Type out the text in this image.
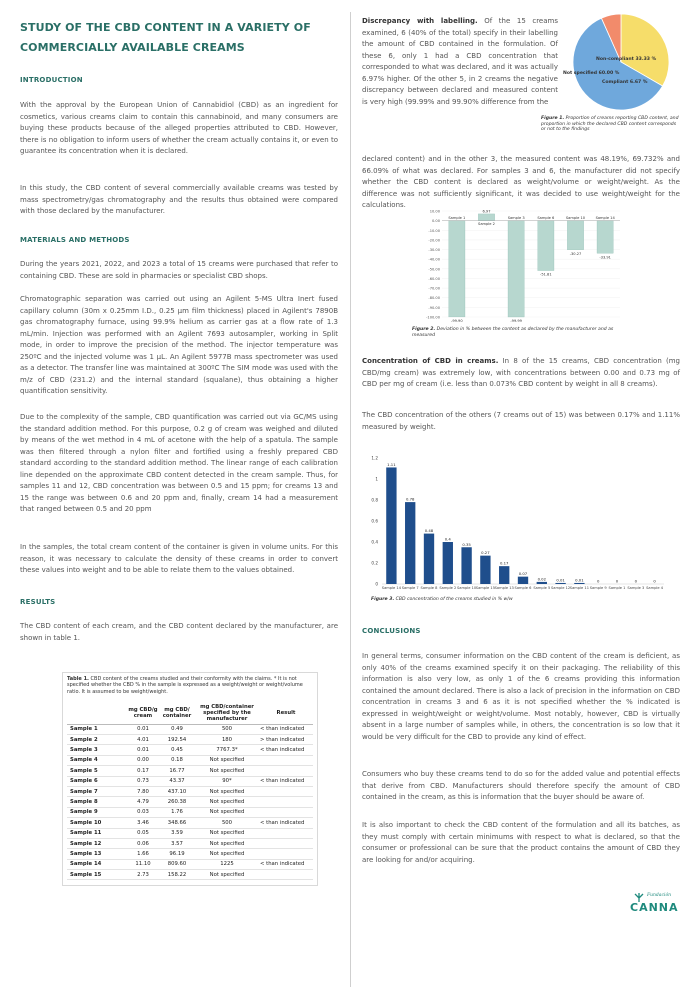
STUDY OF THE CBD CONTENT IN A VARIETY OF
COMMERCIALLY AVAILABLE CREAMS
INTRODUCTION

With the approval by the European Union of Cannabidiol (CBD) as an ingredient for cosmetics, various creams claim to contain this cannabinoid, and many consumers are buying these products because of the alleged properties attributed to CBD. However, there is no obligation to inform users of whether the cream actually contains it, or even to guarantee its concentration when it is declared.

In this study, the CBD content of several commercially available creams was tested by mass spectrometry/gas chromatography and the results thus obtained were compared with those declared by the manufacturer.

MATERIALS AND METHODS

During the years 2021, 2022, and 2023 a total of 15 creams were purchased that refer to containing CBD. These are sold in pharmacies or specialist CBD shops.

Chromatographic separation was carried out using an Agilent 5-MS Ultra Inert fused capillary column (30m x 0.25mm I.D., 0.25 µm film thickness) placed in Agilent's 7890B gas chromatography furnace, using 99.9% helium as carrier gas at a flow rate of 1.3 mL/min. Injection was performed with an Agilent 7693 autosampler, working in Split mode, in order to improve the precision of the method. The injector temperature was 250ºC and the injected volume was 1 µL. An Agilent 5977B mass spectrometer was used as a detector. The transfer line was maintained at 300ºC The SIM mode was used with the m/z of CBD (231.2) and the internal standard (squalane), thus obtaining a higher quantification sensitivity.

Due to the complexity of the sample, CBD quantification was carried out via GC/MS using the standard addition method. For this purpose, 0.2 g of cream was weighed and diluted by means of the wet method in 4 mL of acetone with the help of a spatula. The sample was then filtered through a nylon filter and fortified using a freshly prepared CBD standard according to the standard addition method. The linear range of each calibration line depended on the approximate CBD content detected in the cream sample. Thus, for samples 11 and 12, CBD concentration was between 0.5 and 15 ppm; for creams 13 and 15 the range was between 0.6 and 20 ppm and, finally, cream 14 had a measurement that ranged between 0.5 and 20 ppm

In the samples, the total cream content of the container is given in volume units. For this reason, it was necessary to calculate the density of these creams in order to convert these values into weight and to be able to relate them to the values obtained.

RESULTS

The CBD content of each cream, and the CBD content declared by the manufacturer, are shown in table 1.

Table 1. CBD content of the creams studied and their conformity with the claims. * It is not specified whether the CBD % in the sample is expressed as a weight/weight or weight/volume ratio. It is assumed to be weight/weight.
	mg CBD/g cream	mg CBD/ container	mg CBD/container specified by the manufacturer	Result
Sample 1	0.01	0.49	500	< than indicated
Sample 2	4.01	192.54	180	> than indicated
Sample 3	0.01	0.45	7767.3*	< than indicated
Sample 4	0.00	0.18	Not specified	
Sample 5	0.17	16.77	Not specified	
Sample 6	0.73	43.37	90*	< than indicated
Sample 7	7.80	437.10	Not specified	
Sample 8	4.79	260.38	Not specified	
Sample 9	0.03	1.76	Not specified	
Sample 10	3.46	348.66	500	< than indicated
Sample 11	0.05	3.59	Not specified	
Sample 12	0.06	3.57	Not specified	
Sample 13	1.66	96.19	Not specified	
Sample 14	11.10	809.60	1225	< than indicated
Sample 15	2.73	158.22	Not specified	

Discrepancy with labelling. Of the 15 creams examined, 6 (40% of the total) specify in their labelling the amount of CBD contained in the formulation. Of these 6, only 1 had a CBD concentration that corresponded to what was declared, and it was actually 6.97% higher. Of the other 5, in 2 creams the negative discrepancy between declared and measured content is very high (99.99% and 99.90% difference from the

declared content) and in the other 3, the measured content was 48.19%, 69.732% and 66.09% of what was declared. For samples 3 and 6, the manufacturer did not specify whether the CBD content is declared as weight/volume or weight/weight. As the difference was not sufficiently significant, it was decided to use weight/weight for the calculations.

Non-compliant 33.33 %
Not specified 60.00 %
Compliant 6.67 %
Figure 1. Proportion of creams reporting CBD content, and proportion in which the declared CBD content corresponds or not to the findings
10.00
0.00
-10.00
-20.00
-30.00
-40.00
-50.00
-60.00
-70.00
-80.00
-90.00
-100.00
-99.90
Sample 1
6.97
Sample 2
-99.99
Sample 3
-51.81
Sample 6
-30.27
Sample 10
-33.91
Sample 14
Figure 2. Deviation in % between the content as declared by the manufacturer and as measured

Concentration of CBD in creams. In 8 of the 15 creams, CBD concentration (mg CBD/mg cream) was extremely low, with concentrations between 0.00 and 0.73 mg of CBD per mg of cream (i.e. less than 0.073% CBD content by weight in all 8 creams).

The CBD concentration of the others (7 creams out of 15) was between 0.17% and 1.11% measured by weight.

1.2
1
0.8
0.6
0.4
0.2
0
1.11
Sample 14
0.78
Sample 7
0.48
Sample 8
0.4
Sample 2
0.35
Sample 10
0.27
Sample 15
0.17
Sample 13
0.07
Sample 6
0.02
Sample 5
0.01
Sample 12
0.01
Sample 11
0
Sample 9
0
Sample 1
0
Sample 3
0
Sample 4
Figure 3. CBD concentration of the creams studied in % w/w
CONCLUSIONS

In general terms, consumer information on the CBD content of the cream is deficient, as only 40% of the creams examined specify it on their packaging. The reliability of this information is also very low, as only 1 of the 6 creams providing this information contained the amount declared. There is also a lack of precision in the information on CBD concentration in creams 3 and 6 as it is not specified whether the % indicated is expressed in weight/weight or weight/volume. Most notably, however, CBD is virtually absent in a large number of samples while, in others, the concentration is so low that it would be very difficult for the CBD to provide any kind of effect.

Consumers who buy these creams tend to do so for the added value and potential effects that derive from CBD. Manufacturers should therefore specify the amount of CBD contained in the cream, as this is information that the buyer should be aware of.

It is also important to check the CBD content of the formulation and all its batches, as they must comply with certain minimums with respect to what is declared, so that the consumer or professional can be sure that the product contains the amount of CBD they are looking for and/or acquiring.

Fundación
CANNA
